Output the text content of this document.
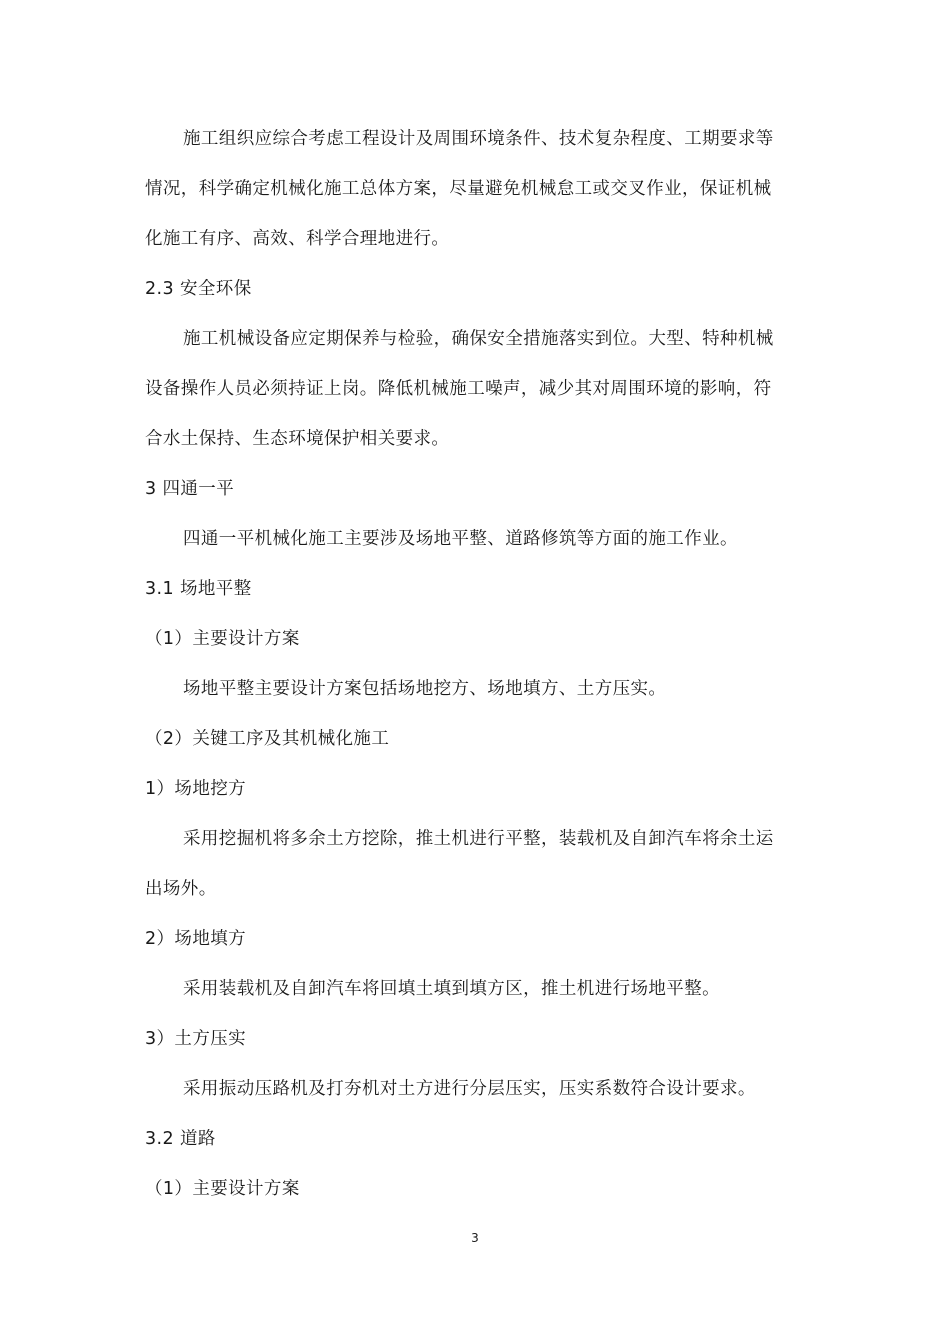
施工组织应综合考虑工程设计及周围环境条件、技术复杂程度、工期要求等
情况，科学确定机械化施工总体方案，尽量避免机械怠工或交叉作业，保证机械
化施工有序、高效、科学合理地进行。
2.3 安全环保
施工机械设备应定期保养与检验，确保安全措施落实到位。大型、特种机械
设备操作人员必须持证上岗。降低机械施工噪声，减少其对周围环境的影响，符
合水土保持、生态环境保护相关要求。
3 四通一平
四通一平机械化施工主要涉及场地平整、道路修筑等方面的施工作业。
3.1 场地平整
（1）主要设计方案
场地平整主要设计方案包括场地挖方、场地填方、土方压实。
（2）关键工序及其机械化施工
1）场地挖方
采用挖掘机将多余土方挖除，推土机进行平整，装载机及自卸汽车将余土运
出场外。
2）场地填方
采用装载机及自卸汽车将回填土填到填方区，推土机进行场地平整。
3）土方压实
采用振动压路机及打夯机对土方进行分层压实，压实系数符合设计要求。
3.2 道路
（1）主要设计方案
3
